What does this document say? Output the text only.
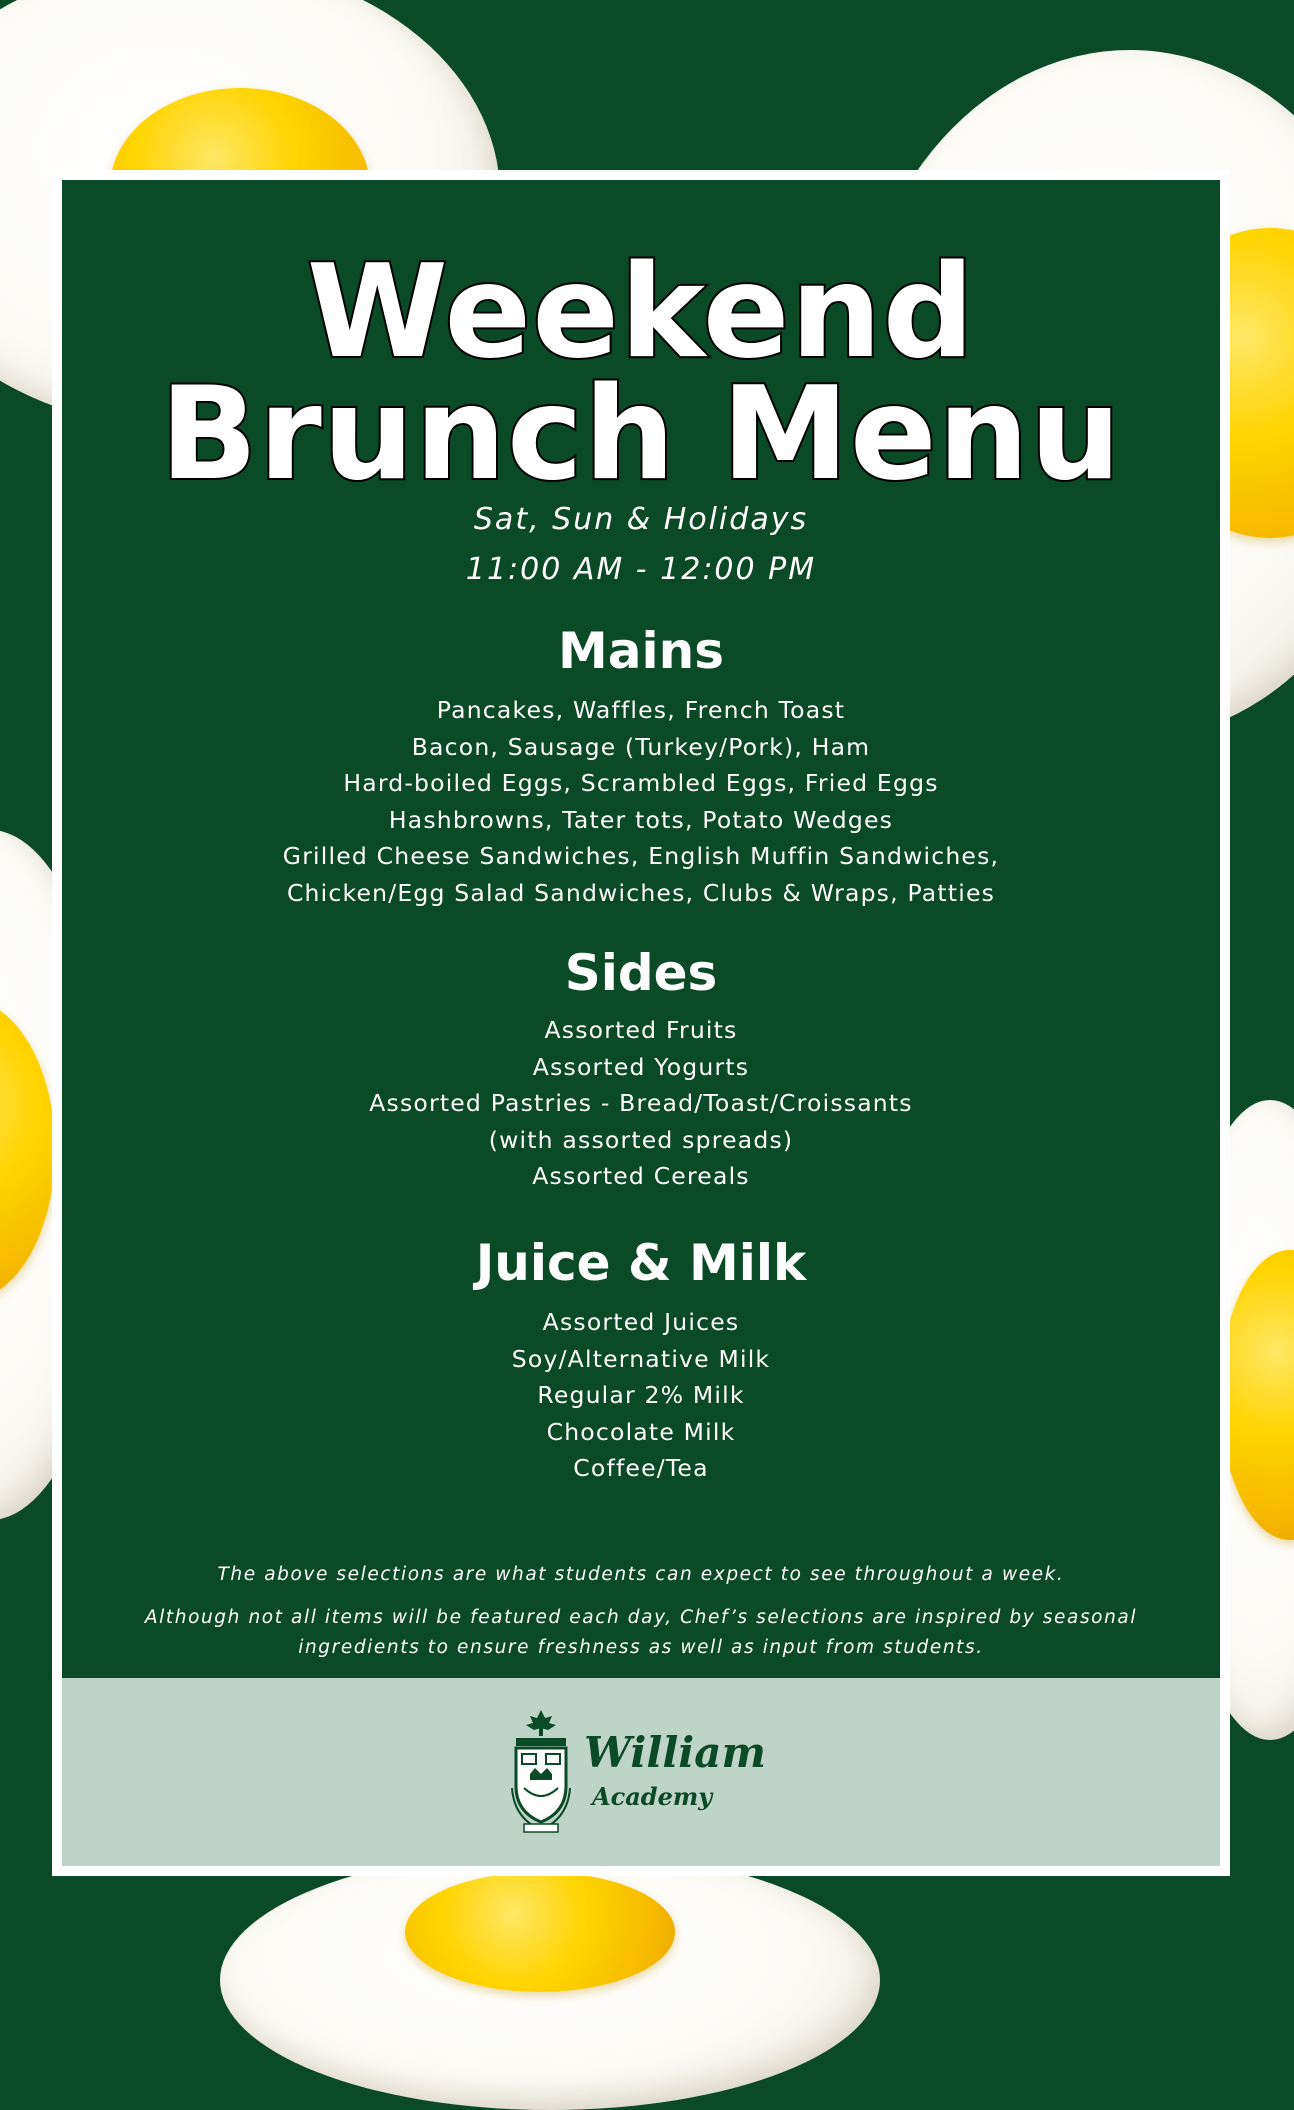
Weekend
Brunch Menu
Sat, Sun & Holidays
11:00 AM - 12:00 PM
Mains
Pancakes, Waffles, French Toast
Bacon, Sausage (Turkey/Pork), Ham
Hard-boiled Eggs, Scrambled Eggs, Fried Eggs
Hashbrowns, Tater tots, Potato Wedges
Grilled Cheese Sandwiches, English Muffin Sandwiches,
Chicken/Egg Salad Sandwiches, Clubs & Wraps, Patties
Sides
Assorted Fruits
Assorted Yogurts
Assorted Pastries - Bread/Toast/Croissants
(with assorted spreads)
Assorted Cereals
Juice & Milk
Assorted Juices
Soy/Alternative Milk
Regular 2% Milk
Chocolate Milk
Coffee/Tea
The above selections are what students can expect to see throughout a week.
Although not all items will be featured each day, Chef’s selections are inspired by seasonal ingredients to ensure freshness as well as input from students.
William
Academy
